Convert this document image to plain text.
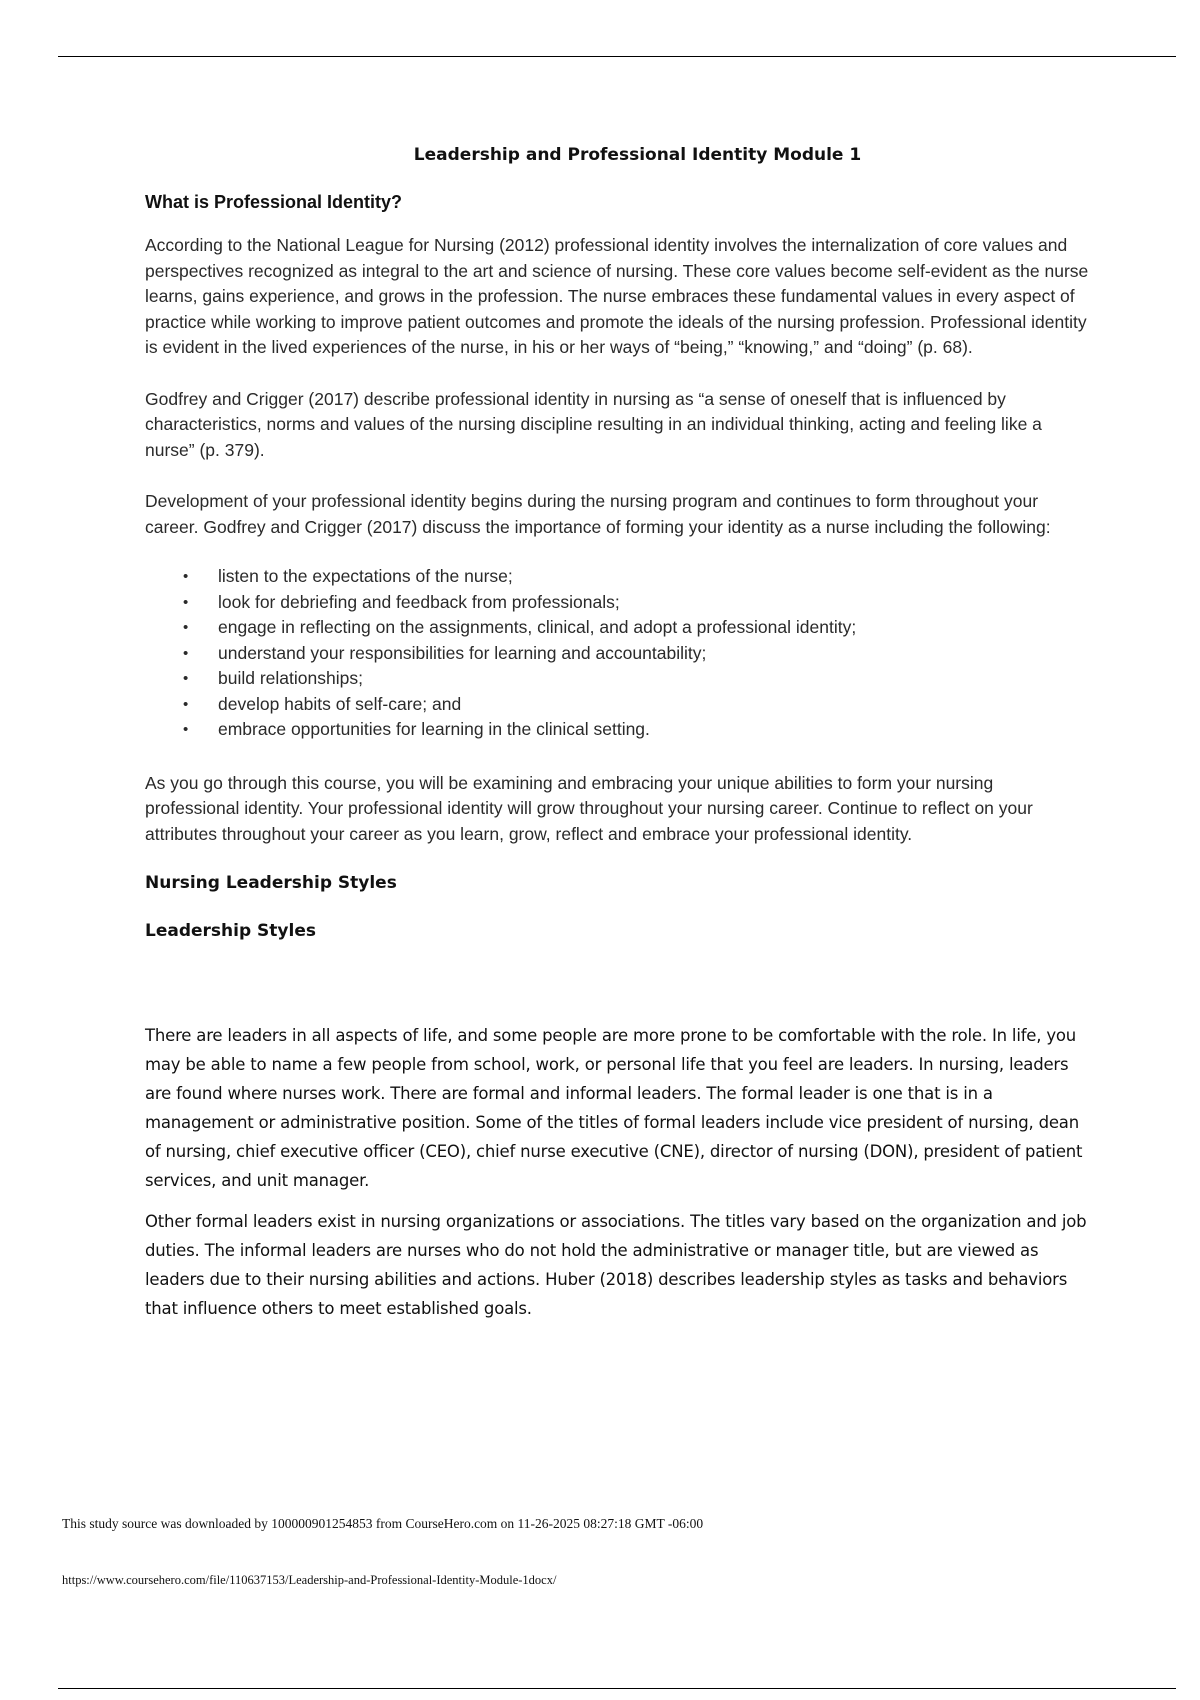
Leadership and Professional Identity Module 1
What is Professional Identity?

According to the National League for Nursing (2012) professional identity involves the internalization of core values and perspectives recognized as integral to the art and science of nursing. These core values become self-evident as the nurse learns, gains experience, and grows in the profession. The nurse embraces these fundamental values in every aspect of practice while working to improve patient outcomes and promote the ideals of the nursing profession. Professional identity is evident in the lived experiences of the nurse, in his or her ways of “being,” “knowing,” and “doing” (p. 68).

Godfrey and Crigger (2017) describe professional identity in nursing as “a sense of oneself that is influenced by characteristics, norms and values of the nursing discipline resulting in an individual thinking, acting and feeling like a nurse” (p. 379).

Development of your professional identity begins during the nursing program and continues to form throughout your career. Godfrey and Crigger (2017) discuss the importance of forming your identity as a nurse including the following:

• listen to the expectations of the nurse;
• look for debriefing and feedback from professionals;
• engage in reflecting on the assignments, clinical, and adopt a professional identity;
• understand your responsibilities for learning and accountability;
• build relationships;
• develop habits of self-care; and
• embrace opportunities for learning in the clinical setting.

As you go through this course, you will be examining and embracing your unique abilities to form your nursing professional identity. Your professional identity will grow throughout your nursing career. Continue to reflect on your attributes throughout your career as you learn, grow, reflect and embrace your professional identity.

Nursing Leadership Styles
Leadership Styles

There are leaders in all aspects of life, and some people are more prone to be comfortable with the role. In life, you may be able to name a few people from school, work, or personal life that you feel are leaders. In nursing, leaders are found where nurses work. There are formal and informal leaders. The formal leader is one that is in a management or administrative position. Some of the titles of formal leaders include vice president of nursing, dean of nursing, chief executive officer (CEO), chief nurse executive (CNE), director of nursing (DON), president of patient services, and unit manager.

Other formal leaders exist in nursing organizations or associations. The titles vary based on the organization and job duties. The informal leaders are nurses who do not hold the administrative or manager title, but are viewed as leaders due to their nursing abilities and actions. Huber (2018) describes leadership styles as tasks and behaviors that influence others to meet established goals.

This study source was downloaded by 100000901254853 from CourseHero.com on 11-26-2025 08:27:18 GMT -06:00
https://www.coursehero.com/file/110637153/Leadership-and-Professional-Identity-Module-1docx/
